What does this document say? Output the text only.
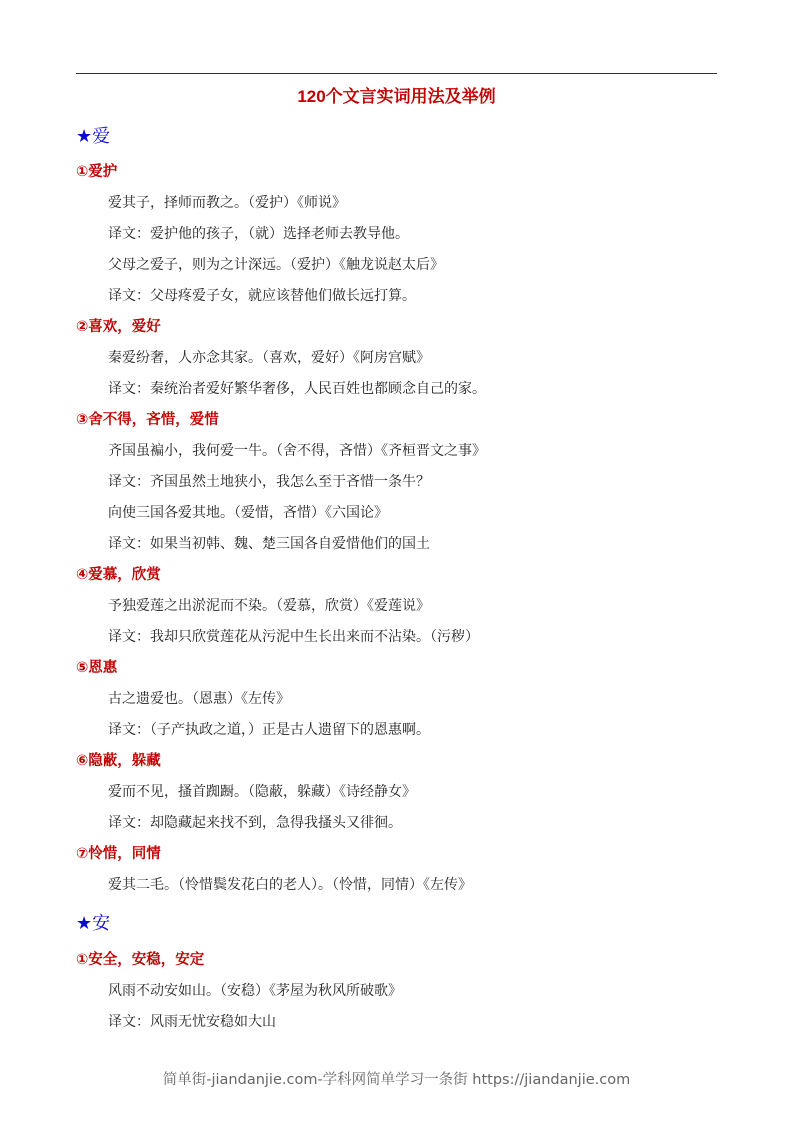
120个文言实词用法及举例
★爱
①爱护
爱其子，择师而教之。（爱护）《师说》
译文：爱护他的孩子，（就）选择老师去教导他。
父母之爱子，则为之计深远。（爱护）《触龙说赵太后》
译文：父母疼爱子女，就应该替他们做长远打算。
②喜欢，爱好
秦爱纷奢，人亦念其家。（喜欢，爱好）《阿房宫赋》
译文：秦统治者爱好繁华奢侈，人民百姓也都顾念自己的家。
③舍不得，吝惜，爱惜
齐国虽褊小，我何爱一牛。（舍不得，吝惜）《齐桓晋文之事》
译文：齐国虽然土地狭小，我怎么至于吝惜一条牛？
向使三国各爱其地。（爱惜，吝惜）《六国论》
译文：如果当初韩、魏、楚三国各自爱惜他们的国土
④爱慕，欣赏
予独爱莲之出淤泥而不染。（爱慕，欣赏）《爱莲说》
译文：我却只欣赏莲花从污泥中生长出来而不沾染。（污秽）
⑤恩惠
古之遗爱也。（恩惠）《左传》
译文：（子产执政之道，）正是古人遗留下的恩惠啊。
⑥隐蔽，躲藏
爱而不见，搔首踟蹰。（隐蔽，躲藏）《诗经静女》
译文：却隐藏起来找不到，急得我搔头又徘徊。
⑦怜惜，同情
爱其二毛。（怜惜鬓发花白的老人）。（怜惜，同情）《左传》
★安
①安全，安稳，安定
风雨不动安如山。（安稳）《茅屋为秋风所破歌》
译文：风雨无忧安稳如大山
简单街-jiandanjie.com-学科网简单学习一条街 https://jiandanjie.com
